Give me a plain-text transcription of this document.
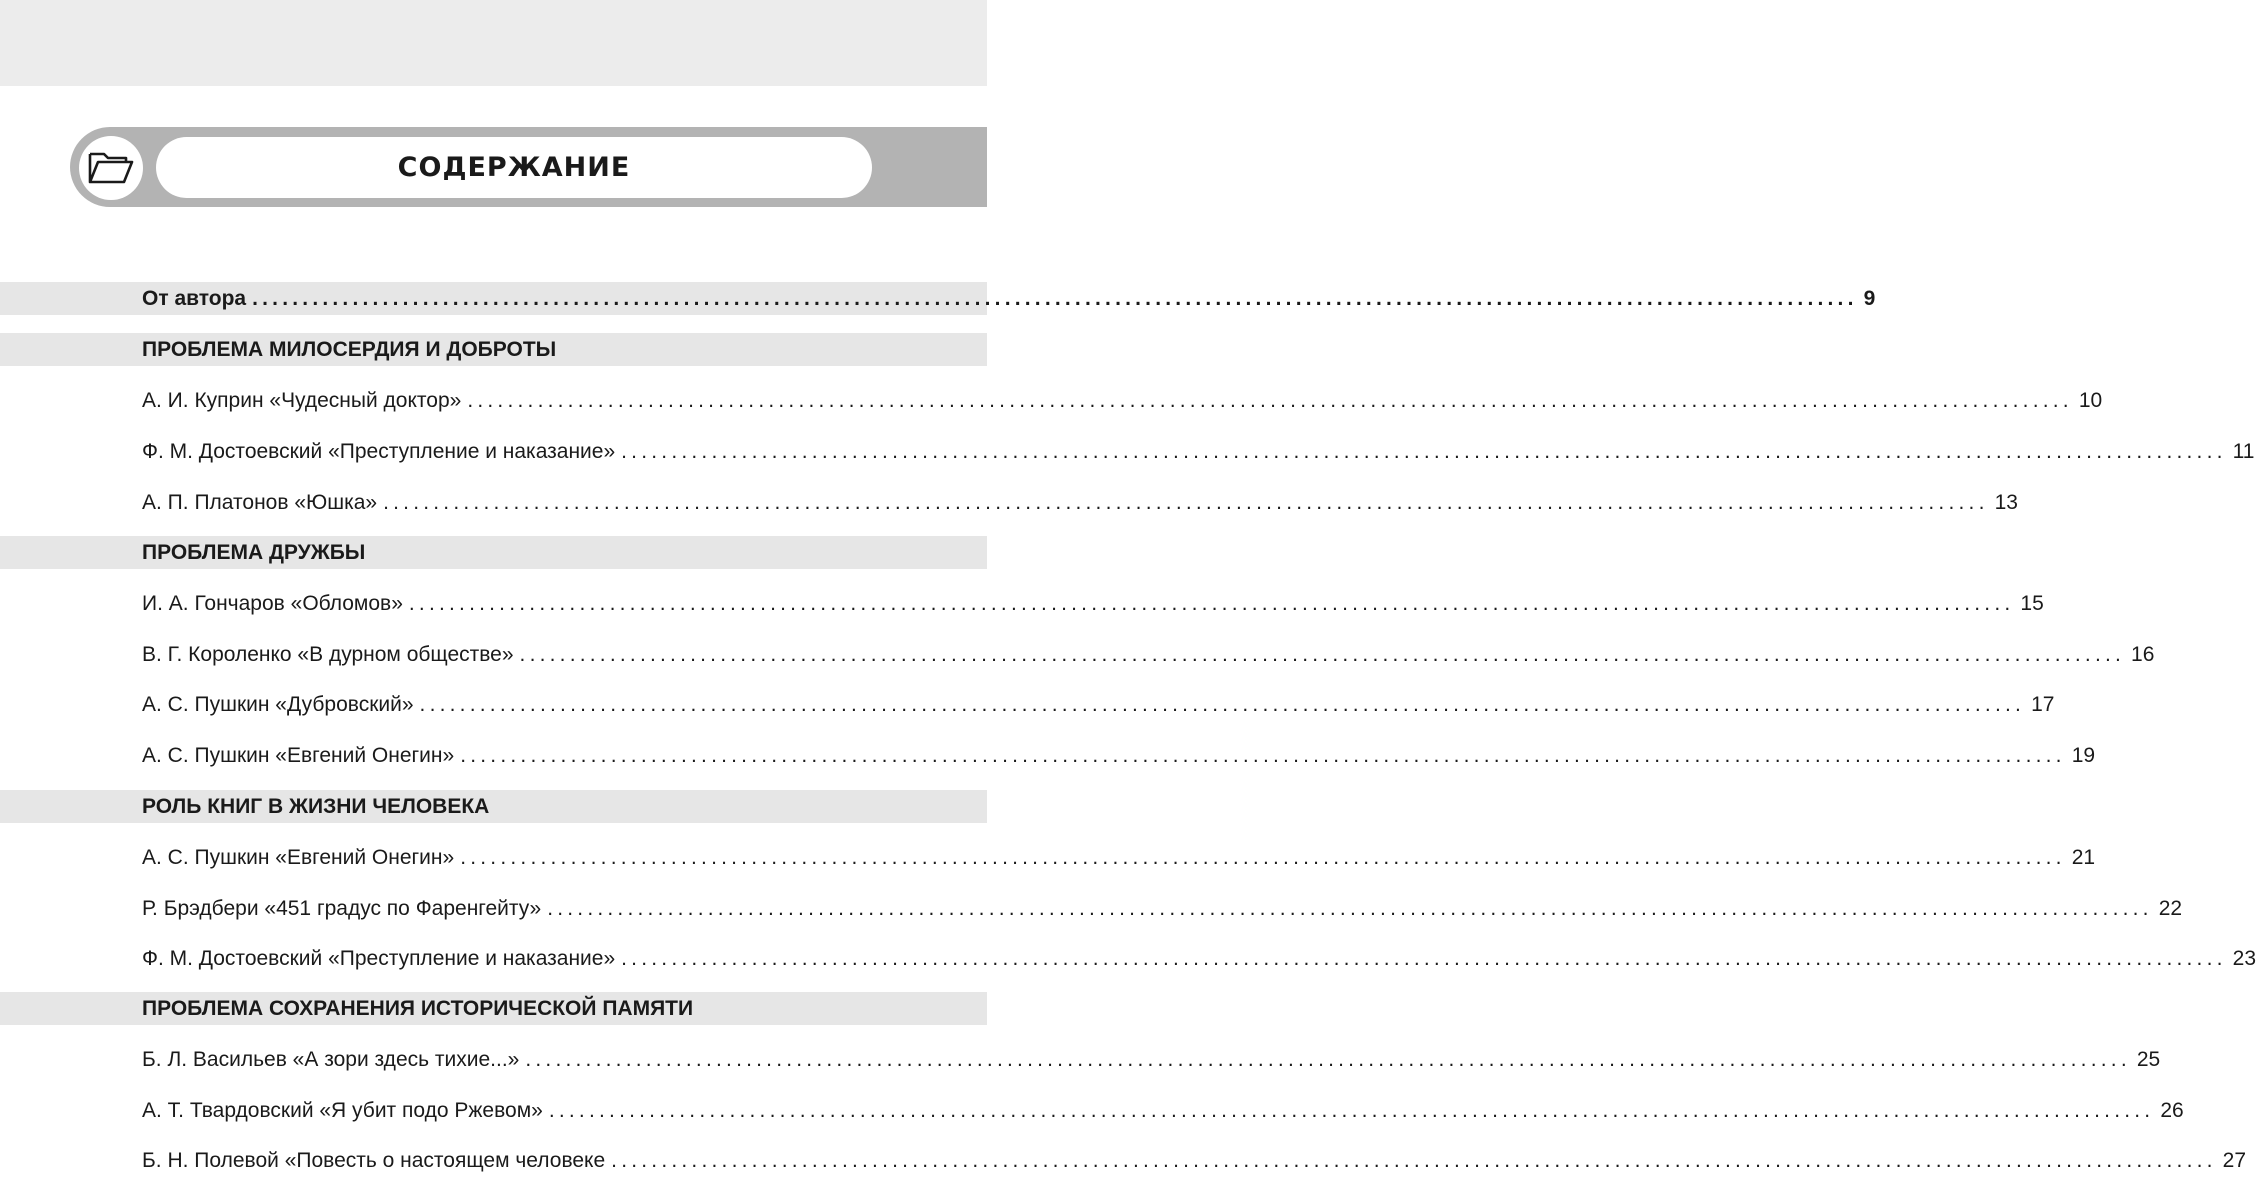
СОДЕРЖАНИЕ
От автора ................................................................................................................................................................ 9
ПРОБЛЕМА МИЛОСЕРДИЯ И ДОБРОТЫ
А. И. Куприн «Чудесный доктор» ................................................................................................................................................................ 10
Ф. М. Достоевский «Преступление и наказание» ................................................................................................................................................................ 11
А. П. Платонов «Юшка» ................................................................................................................................................................ 13
ПРОБЛЕМА ДРУЖБЫ
И. А. Гончаров «Обломов» ................................................................................................................................................................ 15
В. Г. Короленко «В дурном обществе» ................................................................................................................................................................ 16
А. С. Пушкин «Дубровский» ................................................................................................................................................................ 17
А. С. Пушкин «Евгений Онегин» ................................................................................................................................................................ 19
РОЛЬ КНИГ В ЖИЗНИ ЧЕЛОВЕКА
А. С. Пушкин «Евгений Онегин» ................................................................................................................................................................ 21
Р. Брэдбери «451 градус по Фаренгейту» ................................................................................................................................................................ 22
Ф. М. Достоевский «Преступление и наказание» ................................................................................................................................................................ 23
ПРОБЛЕМА СОХРАНЕНИЯ ИСТОРИЧЕСКОЙ ПАМЯТИ
Б. Л. Васильев «А зори здесь тихие...» ................................................................................................................................................................ 25
А. Т. Твардовский «Я убит подо Ржевом» ................................................................................................................................................................ 26
Б. Н. Полевой «Повесть о настоящем человеке ................................................................................................................................................................ 27
